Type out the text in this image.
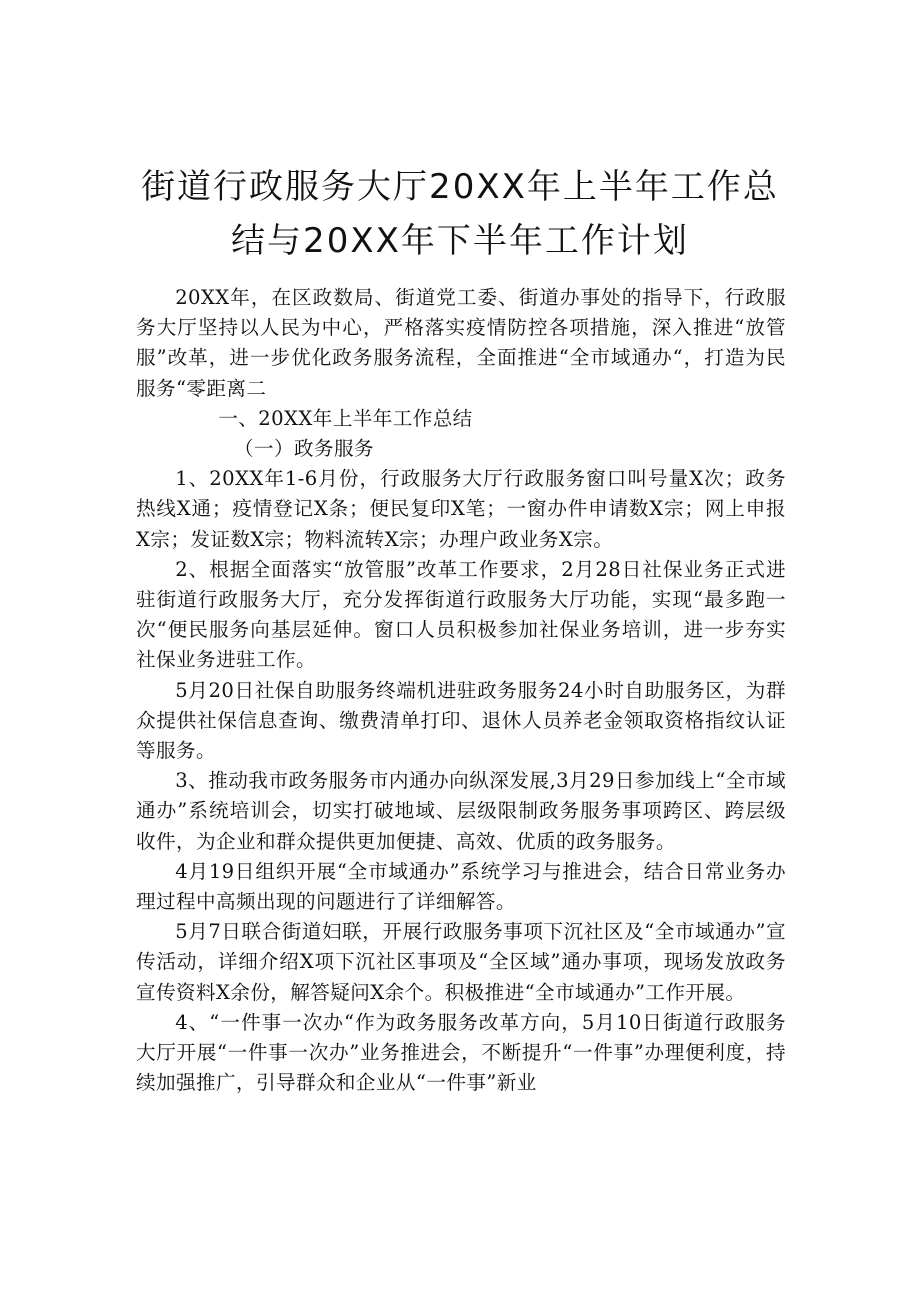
街道行政服务大厅20XX年上半年工作总
结与20XX年下半年工作计划

20XX年，在区政数局、街道党工委、街道办事处的指导下，行政服务大厅坚持以人民为中心，严格落实疫情防控各项措施，深入推进“放管服”改革，进一步优化政务服务流程，全面推进“全市域通办“，打造为民服务“零距离二

一、20XX年上半年工作总结

（一）政务服务

1、20XX年1-6月份，行政服务大厅行政服务窗口叫号量X次；政务热线X通；疫情登记X条；便民复印X笔；一窗办件申请数X宗；网上申报X宗；发证数X宗；物料流转X宗；办理户政业务X宗。

2、根据全面落实“放管服”改革工作要求，2月28日社保业务正式进驻街道行政服务大厅，充分发挥街道行政服务大厅功能，实现“最多跑一次“便民服务向基层延伸。窗口人员积极参加社保业务培训，进一步夯实社保业务进驻工作。

5月20日社保自助服务终端机进驻政务服务24小时自助服务区，为群众提供社保信息查询、缴费清单打印、退休人员养老金领取资格指纹认证等服务。

3、推动我市政务服务市内通办向纵深发展,3月29日参加线上“全市域通办”系统培训会，切实打破地域、层级限制政务服务事项跨区、跨层级收件，为企业和群众提供更加便捷、高效、优质的政务服务。

4月19日组织开展“全市域通办”系统学习与推进会，结合日常业务办理过程中高频出现的问题进行了详细解答。

5月7日联合街道妇联，开展行政服务事项下沉社区及“全市域通办”宣传活动，详细介绍X项下沉社区事项及“全区域”通办事项，现场发放政务宣传资料X余份，解答疑问X余个。积极推进“全市域通办”工作开展。

4、“一件事一次办“作为政务服务改革方向，5月10日街道行政服务大厅开展“一件事一次办”业务推进会，不断提升“一件事”办理便利度，持续加强推广，引导群众和企业从“一件事”新业
